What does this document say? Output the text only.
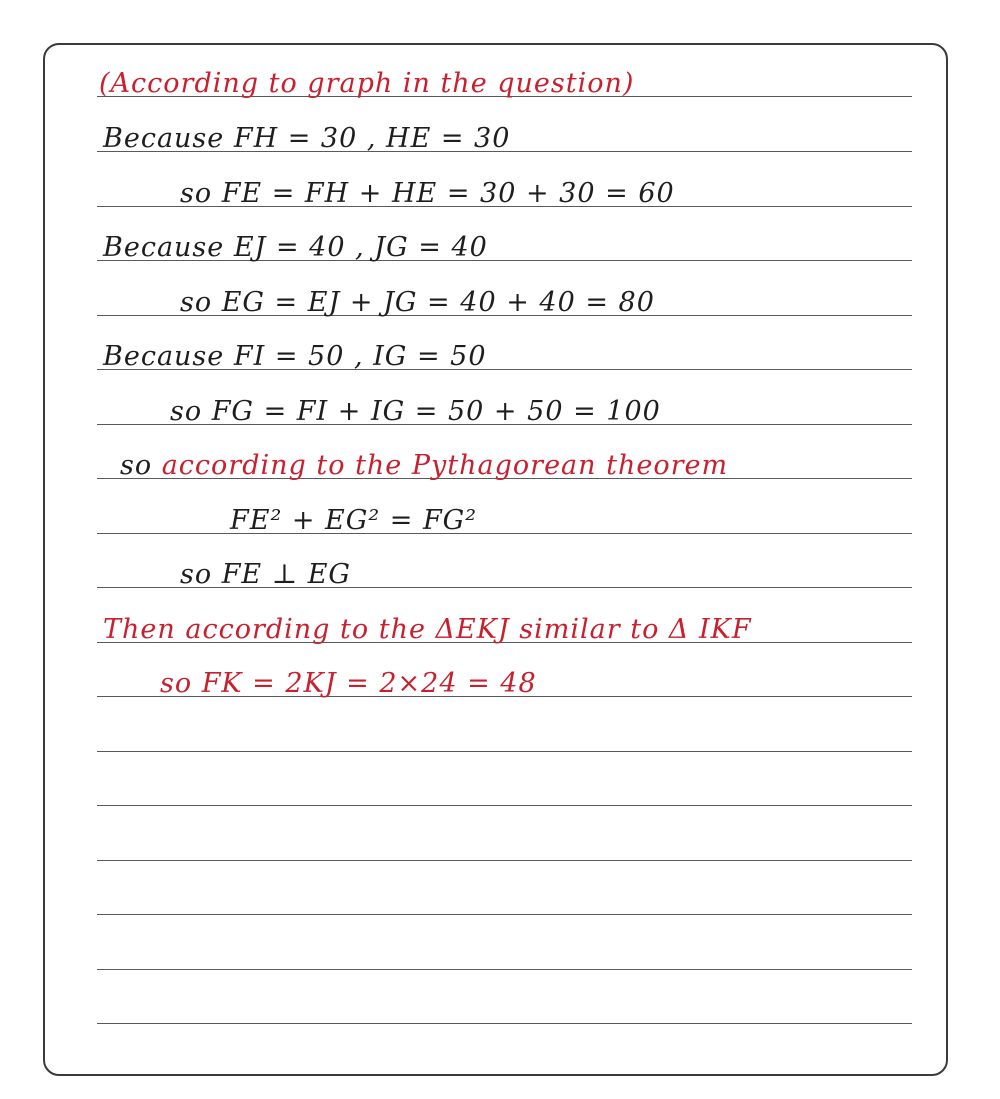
(According to graph in the question)
Because FH = 30 , HE = 30
so FE = FH + HE = 30 + 30 = 60
Because EJ = 40 , JG = 40
so EG = EJ + JG = 40 + 40 = 80
Because FI = 50 , IG = 50
so FG = FI + IG = 50 + 50 = 100
so according to the Pythagorean theorem
FE² + EG² = FG²
so FE ⊥ EG
Then according to the ΔEKJ similar to Δ IKF
so FK = 2KJ = 2×24 = 48
